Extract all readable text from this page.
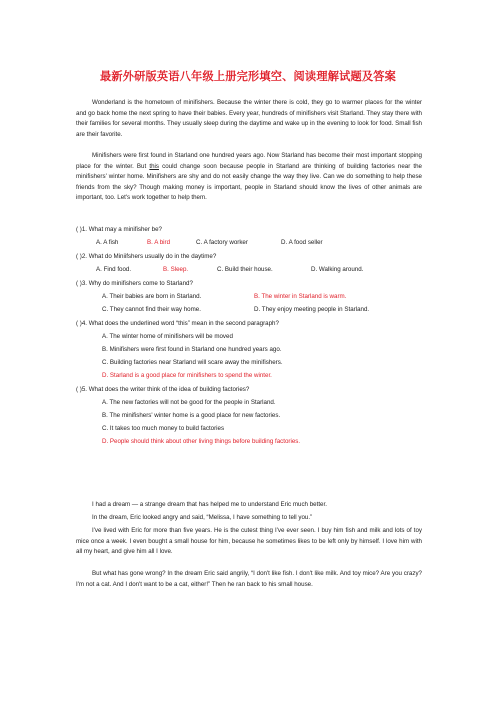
最新外研版英语八年级上册完形填空、阅读理解试题及答案

Wonderland is the hometown of minifishers. Because the winter there is cold, they go to warmer places for the winter and go back home the next spring to have their babies. Every year, hundreds of minifishers visit Starland. They stay there with their families for several months. They usually sleep during the daytime and wake up in the evening to look for food. Small fish are their favorite.

Minifishers were first found in Starland one hundred years ago. Now Starland has become their most important stopping place for the winter. But this could change soon because people in Starland are thinking of building factories near the minifishers' winter home. Minifishers are shy and do not easily change the way they live. Can we do something to help these friends from the sky? Though making money is important, people in Starland should know the lives of other animals are important, too. Let's work together to help them.

( )1. What may a minifisher be?
A. A fish	B. A bird	C. A factory worker	D. A food seller
( )2. What do Miniifshers usually do in the daytime?
A. Find food.	B. Sleep.	C. Build their house.	D. Walking around.
( )3. Why do minifishers come to Starland?
A. Their babies are born in Starland.	B. The winter in Starland is warm.
C. They cannot find their way home.	D. They enjoy meeting people in Starland.
( )4. What does the underlined word “this” mean in the second paragraph?
A. The winter home of minifishers will be moved
B. Minifishers were first found in Starland one hundred years ago.
C. Building factories near Starland will scare away the minifishers.
D. Starland is a good place for minifishers to spend the winter.
( )5. What does the writer think of the idea of building factories?
A. The new factories will not be good for the people in Starland.
B. The minifishers' winter home is a good place for new factories.
C. It takes too much money to build factories
D. People should think about other living things before building factories.

I had a dream — a strange dream that has helped me to understand Eric much better.

In the dream, Eric looked angry and said, “Melissa, I have something to tell you.”

I've lived with Eric for more than five years. He is the cutest thing I've ever seen. I buy him fish and milk and lots of toy mice once a week. I even bought a small house for him, because he sometimes likes to be left only by himself. I love him with all my heart, and give him all I love.

But what has gone wrong? In the dream Eric said angrily, “I don't like fish. I don't like milk. And toy mice? Are you crazy? I'm not a cat. And I don't want to be a cat, either!” Then he ran back to his small house.
